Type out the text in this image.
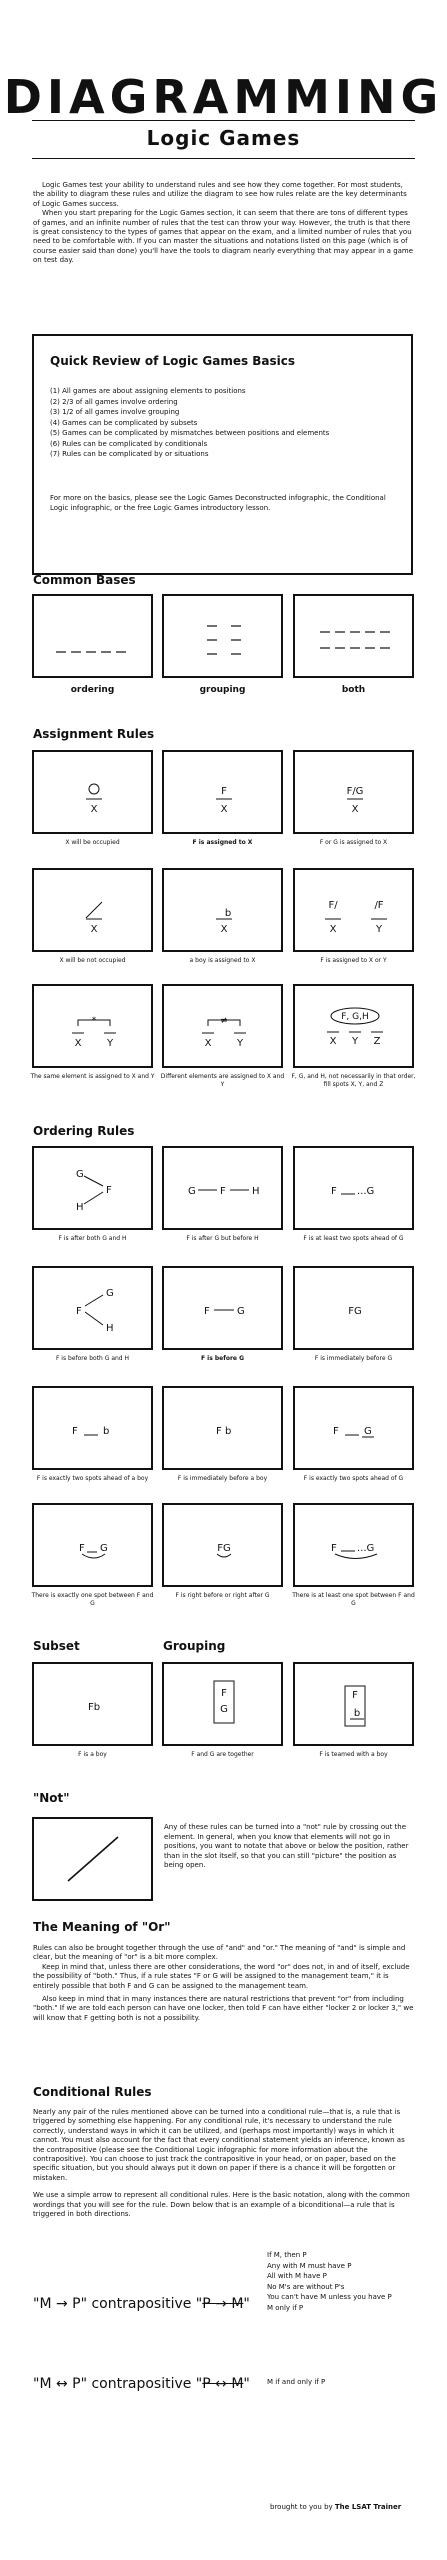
DIAGRAMMING
Logic Games

Logic Games test your ability to understand rules and see how they come together. For most students, the ability to diagram these rules and utilize the diagram to see how rules relate are the key determinants of Logic Games success.

When you start preparing for the Logic Games section, it can seem that there are tons of different types of games, and an infinite number of rules that the test can throw your way. However, the truth is that there is great consistency to the types of games that appear on the exam, and a limited number of rules that you need to be comfortable with. If you can master the situations and notations listed on this page (which is of course easier said than done) you'll have the tools to diagram nearly everything that may appear in a game on test day.

Quick Review of Logic Games Basics
(1) All games are about assigning elements to positions
(2) 2/3 of all games involve ordering
(3) 1/2 of all games involve grouping
(4) Games can be complicated by subsets
(5) Games can be complicated by mismatches between positions and elements
(6) Rules can be complicated by conditionals
(7) Rules can be complicated by or situations
For more on the basics, please see the Logic Games Deconstructed infographic, the Conditional Logic infographic, or the free Logic Games introductory lesson.
Common Bases
ordering	grouping	both
Assignment Rules
X
X will be occupied
F
X
F is assigned to X
F/G
X
F or G is assigned to X
X
X will be not occupied
b
X
a boy is assigned to X
F/	/F
X	Y
F is assigned to X or Y
*
X	Y
The same element is assigned to X and Y
≠
X	Y
Different elements are assigned to X and Y
F, G,H
X Y Z
F, G, and H, not necessarily in that order, fill spots X, Y, and Z
Ordering Rules
G
F
H
F is after both G and H
G F	H
F is after G but before H
F ...G
F is at least two spots ahead of G
F
G
H
F is before both G and H
F	G
F is before G
FG
F is immediately before G
F	b
F is exactly two spots ahead of a boy
F b
F is immediately before a boy
F	G
F is exactly two spots ahead of G
F G
There is exactly one spot between F and G
FG
F is right before or right after G
F ...G
There is at least one spot between F and G
Subset	Grouping
Fb
F is a boy
F
G
F and G are together
F
b
F is teamed with a boy
"Not"
Any of these rules can be turned into a "not" rule by crossing out the element. In general, when you know that elements will not go in positions, you want to notate that above or below the position, rather than in the slot itself, so that you can still "picture" the position as being open.
The Meaning of "Or"

Rules can also be brought together through the use of "and" and "or." The meaning of "and" is simple and clear, but the meaning of "or" is a bit more complex.

Keep in mind that, unless there are other considerations, the word "or" does not, in and of itself, exclude the possibility of "both." Thus, if a rule states "F or G will be assigned to the management team," it is entirely possible that both F and G can be assigned to the management team.

Also keep in mind that in many instances there are natural restrictions that prevent "or" from including "both." If we are told each person can have one locker, then told F can have either "locker 2 or locker 3," we will know that F getting both is not a possibility.

Conditional Rules

Nearly any pair of the rules mentioned above can be turned into a conditional rule—that is, a rule that is triggered by something else happening. For any conditional rule, it's necessary to understand the rule correctly, understand ways in which it can be utilized, and (perhaps most importantly) ways in which it cannot. You must also account for the fact that every conditional statement yields an inference, known as the contrapositive (please see the Conditional Logic infographic for more information about the contrapositive). You can choose to just track the contrapositive in your head, or on paper, based on the specific situation, but you should always put it down on paper if there is a chance it will be forgotten or mistaken.

We use a simple arrow to represent all conditional rules. Here is the basic notation, along with the common wordings that you will see for the rule. Down below that is an example of a biconditional—a rule that is triggered in both directions.

"M → P" contrapositive "P → M"
If M, then P
Any with M must have P
All with M have P
No M's are without P's
You can't have M unless you have P
M only if P
"M ↔ P" contrapositive "P ↔ M" M if and only if P
brought to you by The LSAT Trainer
